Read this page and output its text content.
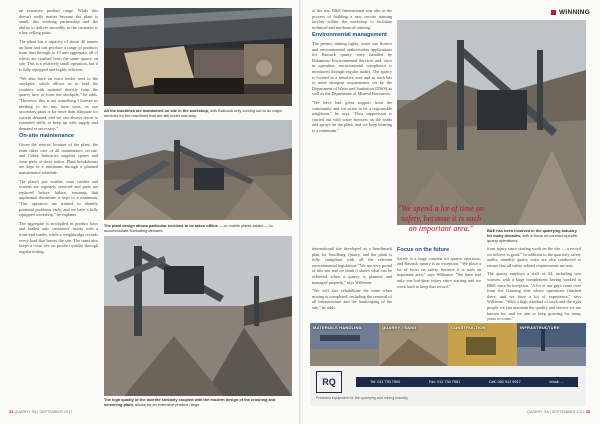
WINNING

an extensive product range. While this doesn't really matter because the plant is small, this working partnership and the ability to deliver smoothly to the customer is a key selling point.

The plant has a capacity of about 40 tonnes an hour and can produce a range of products from dust through to 19 mm aggregate, all of which are crushed from the same quarry on site. This is a relatively small operation, but it is fully equipped and highly efficient.

"We also have an extra feeder next to the stockpile, which allows us to load the crushers with material directly from the quarry face or from the stockpile," he adds. "However, this is not something I foresee us needing to do any time soon, as our secondary plant is far more than adequate for current demand, and we can always resort to extended shifts to keep up with supply and demand as necessary."

On-site maintenance

Given the remote location of the plant, the team takes care of all maintenance on-site, and Cobra Industries supplies spares and wear parts at short notice. Plant breakdowns are kept to a minimum through a planned maintenance schedule.

The plant's jaw crusher, cone crusher and screens are regularly serviced and parts are replaced before failure, ensuring that unplanned downtime is kept to a minimum. "Our operators are trained to identify potential problems early, and we have a fully equipped workshop," he explains.

The aggregate is stockpiled in product bays and loaded onto customers' trucks with a front-end loader, while a weighbridge records every load that leaves the site. The team also keeps a close eye on product quality through regular testing.

All the machines are maintained on site in the workshop, with Babcock only coming out to do major services for the machines that are still under warranty.
The plant design allows particular sections to be taken offline — or mobile plants added — to accommodate fluctuating demand.
The high quality of the dolerite similarly coupled with the modern design of the crushing and screening plant, allows for an extensive product range.

of the site, B&E International was also in the process of building a new on-site training facility within the workshop to facilitate technical and mechanical training.

Environmental management

The permit, mining rights, water use licence and environmental authorisation applications for Bassack quarry were handled by Bokamoso Environmental Services and, once in operation, environmental compliance is monitored through regular audits. The quarry is located in a sensitive area and as such has to meet stringent requirements set by the Department of Water and Sanitation (DWS) as well as the Department of Mineral Resources.

"We have had great support from the community and we strive to be a responsible neighbour," he says. "Dust suppression is carried out with water bowsers on the roads and sprays on the plant, and we keep blasting to a minimum."

B&E has been involved in the quarrying industry for many decades, with a focus on contract-specific quarry operations.
"We spend a lot of time on safety, because it is such an important area."

international site developed as a benchmark plan for Sasolburg Quarry, and the plant is fully compliant with all the relevant environmental legislation. "We are very proud of this site and we think it shows what can be achieved when a quarry is planned and managed properly," says Willemse.

"We will also rehabilitate the mine when mining is completed, including the removal of all infrastructure and the landscaping of the site," he adds.

Focus on the future

Safety is a huge concern for quarry operators, and Bassack quarry is no exception. "We place a lot of focus on safety, because it is such an important area," says Willemse. "We have had only one lost-time injury since starting and we work hard to keep that record."

from injury since starting work on the site — a record we believe is good." In addition to the quarterly safety audits, monthly quarry visits are also conducted to ensure that all safety related requirements are met.

The quarry employs a staff of 34, including two women, with a large complement having worked at B&E since its inception. "A lot of our guys come over from the Gauteng side where operations finished there, and we have a lot of experience," says Willemse. "With a high standard of work and the right people we can maintain the quality and service we are known for, and we aim to keep growing for many years to come."

MATERIALS HANDLING	QUARRY / SAND	CONSTRUCTION	INFRASTRUCTURE
RQ	Tel: 011 730 7500	Fax: 011 730 7581	Cell: 082 912 9917	email: ...
Precision equipment for the quarrying and mining industry
32 QUARRY SA | SEPTEMBER 2017	QUARRY SA | SEPTEMBER 2017 33
